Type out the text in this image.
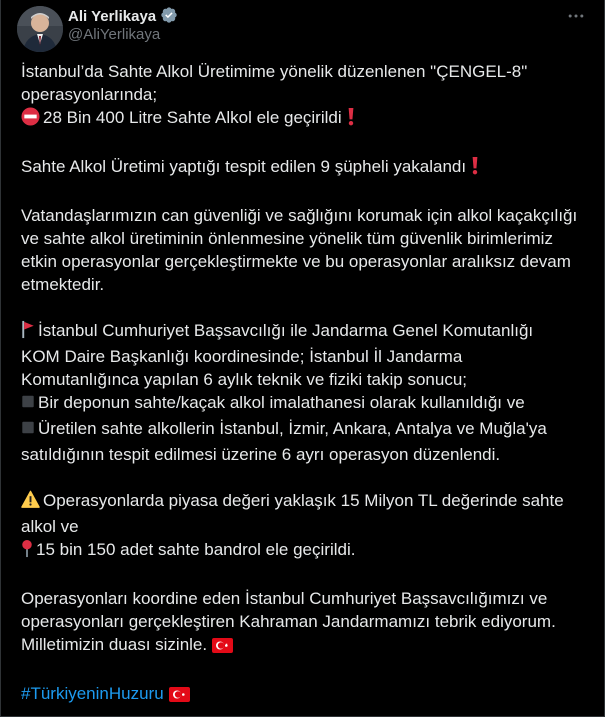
Ali Yerlikaya
@AliYerlikaya

İstanbul’da Sahte Alkol Üretimime yönelik düzenlenen "ÇENGEL-8"

operasyonlarında;

28 Bin 400 Litre Sahte Alkol ele geçirildi

Sahte Alkol Üretimi yaptığı tespit edilen 9 şüpheli yakalandı

Vatandaşlarımızın can güvenliği ve sağlığını korumak için alkol kaçakçılığı

ve sahte alkol üretiminin önlenmesine yönelik tüm güvenlik birimlerimiz

etkin operasyonlar gerçekleştirmekte ve bu operasyonlar aralıksız devam

etmektedir.

İstanbul Cumhuriyet Başsavcılığı ile Jandarma Genel Komutanlığı

KOM Daire Başkanlığı koordinesinde; İstanbul İl Jandarma

Komutanlığınca yapılan 6 aylık teknik ve fiziki takip sonucu;

Bir deponun sahte/kaçak alkol imalathanesi olarak kullanıldığı ve

Üretilen sahte alkollerin İstanbul, İzmir, Ankara, Antalya ve Muğla'ya

satıldığının tespit edilmesi üzerine 6 ayrı operasyon düzenlendi.

Operasyonlarda piyasa değeri yaklaşık 15 Milyon TL değerinde sahte

alkol ve

15 bin 150 adet sahte bandrol ele geçirildi.

Operasyonları koordine eden İstanbul Cumhuriyet Başsavcılığımızı ve

operasyonları gerçekleştiren Kahraman Jandarmamızı tebrik ediyorum.

Milletimizin duası sizinle.

#TürkiyeninHuzuru
